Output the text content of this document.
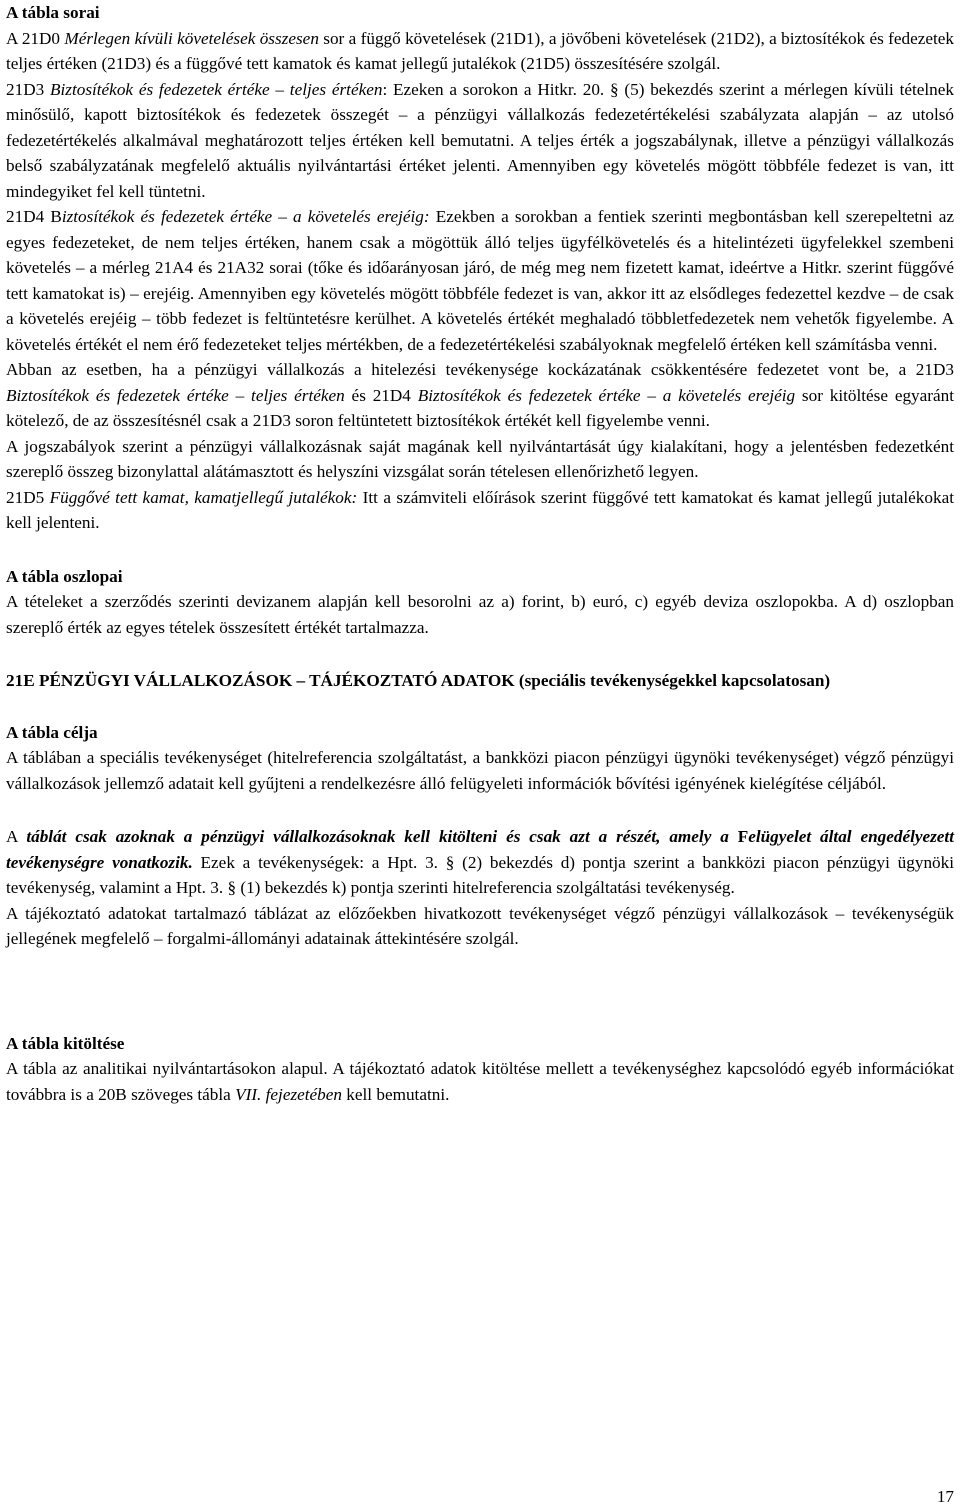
A tábla sorai

A 21D0 Mérlegen kívüli követelések összesen sor a függő követelések (21D1), a jövőbeni követelések (21D2), a biztosítékok és fedezetek teljes értéken (21D3) és a függővé tett kamatok és kamat jellegű jutalékok (21D5) összesítésére szolgál.

21D3 Biztosítékok és fedezetek értéke – teljes értéken: Ezeken a sorokon a Hitkr. 20. § (5) bekezdés szerint a mérlegen kívüli tételnek minősülő, kapott biztosítékok és fedezetek összegét – a pénzügyi vállalkozás fedezetértékelési szabályzata alapján – az utolsó fedezetértékelés alkalmával meghatározott teljes értéken kell bemutatni. A teljes érték a jogszabálynak, illetve a pénzügyi vállalkozás belső szabályzatának megfelelő aktuális nyilvántartási értéket jelenti. Amennyiben egy követelés mögött többféle fedezet is van, itt mindegyiket fel kell tüntetni.

21D4 Biztosítékok és fedezetek értéke – a követelés erejéig: Ezekben a sorokban a fentiek szerinti megbontásban kell szerepeltetni az egyes fedezeteket, de nem teljes értéken, hanem csak a mögöttük álló teljes ügyfélkövetelés és a hitelintézeti ügyfelekkel szembeni követelés – a mérleg 21A4 és 21A32 sorai (tőke és időarányosan járó, de még meg nem fizetett kamat, ideértve a Hitkr. szerint függővé tett kamatokat is) – erejéig. Amennyiben egy követelés mögött többféle fedezet is van, akkor itt az elsődleges fedezettel kezdve – de csak a követelés erejéig – több fedezet is feltüntetésre kerülhet. A követelés értékét meghaladó többletfedezetek nem vehetők figyelembe. A követelés értékét el nem érő fedezeteket teljes mértékben, de a fedezetértékelési szabályoknak megfelelő értéken kell számításba venni.

Abban az esetben, ha a pénzügyi vállalkozás a hitelezési tevékenysége kockázatának csökkentésére fedezetet vont be, a 21D3 Biztosítékok és fedezetek értéke – teljes értéken és 21D4 Biztosítékok és fedezetek értéke – a követelés erejéig sor kitöltése egyaránt kötelező, de az összesítésnél csak a 21D3 soron feltüntetett biztosítékok értékét kell figyelembe venni.

A jogszabályok szerint a pénzügyi vállalkozásnak saját magának kell nyilvántartását úgy kialakítani, hogy a jelentésben fedezetként szereplő összeg bizonylattal alátámasztott és helyszíni vizsgálat során tételesen ellenőrizhető legyen.

21D5 Függővé tett kamat, kamatjellegű jutalékok: Itt a számviteli előírások szerint függővé tett kamatokat és kamat jellegű jutalékokat kell jelenteni.

A tábla oszlopai

A tételeket a szerződés szerinti devizanem alapján kell besorolni az a) forint, b) euró, c) egyéb deviza oszlopokba. A d) oszlopban szereplő érték az egyes tételek összesített értékét tartalmazza.

21E PÉNZÜGYI VÁLLALKOZÁSOK – TÁJÉKOZTATÓ ADATOK (speciális tevékenységekkel kapcsolatosan)
A tábla célja

A táblában a speciális tevékenységet (hitelreferencia szolgáltatást, a bankközi piacon pénzügyi ügynöki tevékenységet) végző pénzügyi vállalkozások jellemző adatait kell gyűjteni a rendelkezésre álló felügyeleti információk bővítési igényének kielégítése céljából.

A táblát csak azoknak a pénzügyi vállalkozásoknak kell kitölteni és csak azt a részét, amely a Felügyelet által engedélyezett tevékenységre vonatkozik. Ezek a tevékenységek: a Hpt. 3. § (2) bekezdés d) pontja szerint a bankközi piacon pénzügyi ügynöki tevékenység, valamint a Hpt. 3. § (1) bekezdés k) pontja szerinti hitelreferencia szolgáltatási tevékenység.

A tájékoztató adatokat tartalmazó táblázat az előzőekben hivatkozott tevékenységet végző pénzügyi vállalkozások – tevékenységük jellegének megfelelő – forgalmi-állományi adatainak áttekintésére szolgál.

A tábla kitöltése

A tábla az analitikai nyilvántartásokon alapul. A tájékoztató adatok kitöltése mellett a tevékenységhez kapcsolódó egyéb információkat továbbra is a 20B szöveges tábla VII. fejezetében kell bemutatni.

17
